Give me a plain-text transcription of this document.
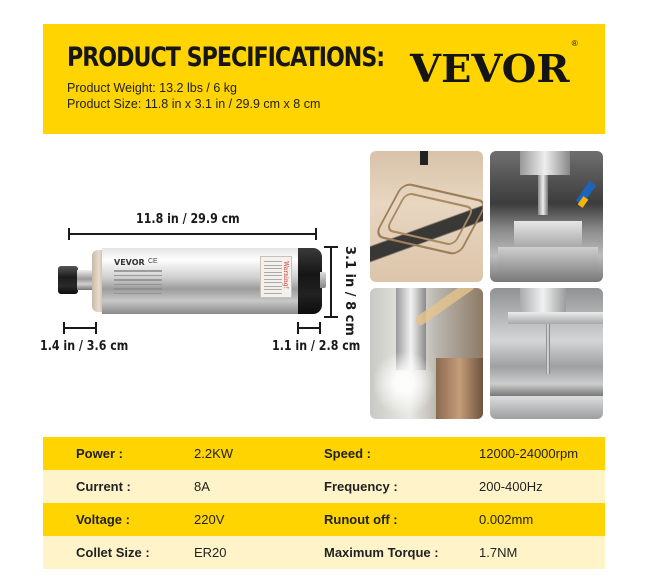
PRODUCT SPECIFICATIONS:
Product Weight: 13.2 lbs / 6 kg
Product Size: 11.8 in x 3.1 in / 29.9 cm x 8 cm
VEVOR®
11.8 in / 29.9 cm
VEVOR CE	Warning!	3.1 in / 8 cm
1.4 in / 3.6 cm	1.1 in / 2.8 cm
Power :	2.2KW	Speed :	12000-24000rpm
Current :	8A	Frequency :	200-400Hz
Voltage :	220V	Runout off :	0.002mm
Collet Size :	ER20	Maximum Torque :	1.7NM
